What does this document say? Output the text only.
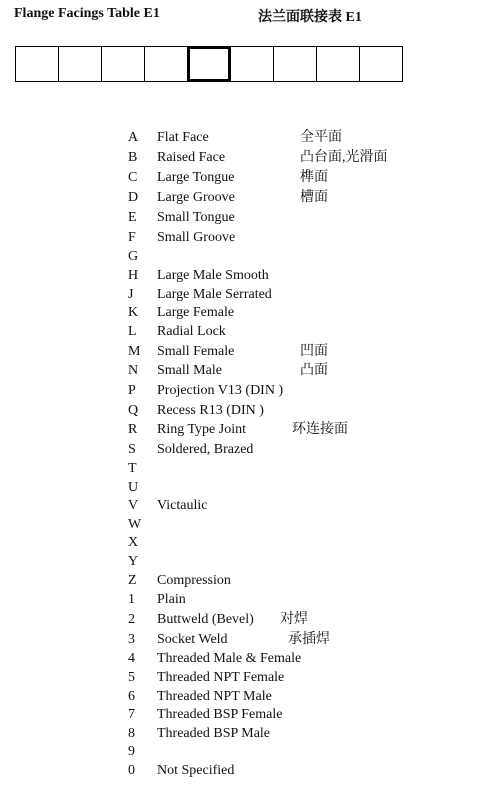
Flange Facings Table E1	法兰面联接表 E1
A	Flat Face	全平面
B	Raised Face	凸台面,光滑面
C	Large Tongue	榫面
D	Large Groove	槽面
E	Small Tongue
F	Small Groove
G
H	Large Male Smooth
J	Large Male Serrated
K	Large Female
L	Radial Lock
M	Small Female	凹面
N	Small Male	凸面
P	Projection V13 (DIN )
Q	Recess R13 (DIN )
R	Ring Type Joint	环连接面
S	Soldered, Brazed
T
U
V	Victaulic
W
X
Y
Z	Compression
1	Plain
2	Buttweld (Bevel) 对焊
3	Socket Weld	承插焊
4	Threaded Male & Female
5	Threaded NPT Female
6	Threaded NPT Male
7	Threaded BSP Female
8	Threaded BSP Male
9
0	Not Specified
